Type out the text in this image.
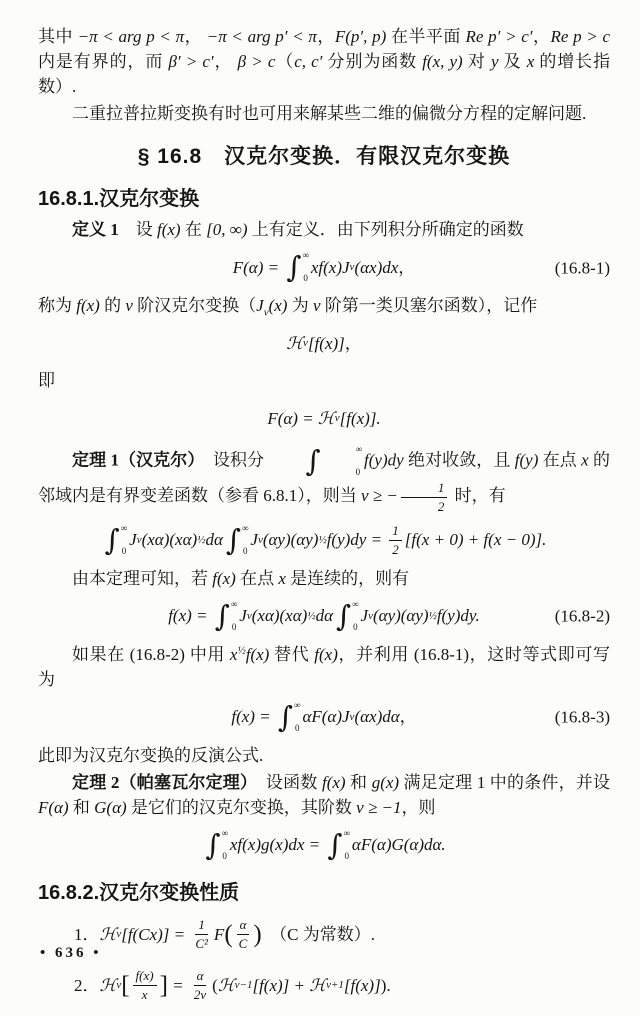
其中 −π < arg p < π， −π < arg p′ < π，F(p′, p) 在半平面 Re p′ > c′，Re p > c 内是有界的，而 β′ > c′， β > c（c, c′ 分别为函数 f(x, y) 对 y 及 x 的增长指数）.
二重拉普拉斯变换有时也可用来解某些二维的偏微分方程的定解问题.
§ 16.8　汉克尔变换．有限汉克尔变换
16.8.1.汉克尔变换
定义 1　设 f(x) 在 [0, ∞) 上有定义．由下列积分所确定的函数
F(α) = ∫ ∞
0
xf(x)J ν (αx)dx ，	(16.8-1)
称为 f(x) 的 ν 阶汉克尔变换（$J_\nu(x)$ 为 ν 阶第一类贝塞尔函数），记作
ℋ ν [f(x)] ，
即
F(α) = ℋ ν [f(x)].
定理 1（汉克尔）　设积分	∫	∞
0
f(y)dy 绝对收敛，且 f(y) 在点 x 的邻域内是有界变差函数（参看 6.8.1），则当 ν ≥ − $\frac{1}{2}$ 时，有
∫ ∞
0
J ν (xα)(xα) ½ dα ∫ ∞
0
J ν (αy)(αy) ½ $f(y)dy = \frac{1}{2} [f(x + 0) + f(x - 0)]$.
由本定理可知，若 f(x) 在点 x 是连续的，则有
f(x) = ∫ ∞
0
J ν (xα)(xα) ½ dα ∫ ∞
0
J ν (αy)(αy) ½ f(y)dy.	(16.8-2)
如果在 (16.8-2) 中用 $x^{\frac{1}{2}}f(x)$ 替代 f(x)，并利用 (16.8-1)，这时等式即可写为
f(x) = ∫ ∞
0
αF(α)J ν (αx)dα ，	(16.8-3)
此即为汉克尔变换的反演公式.
定理 2（帕塞瓦尔定理）　设函数 f(x) 和 g(x) 满足定理 1 中的条件，并设 F(α) 和 G(α) 是它们的汉克尔变换，其阶数 ν ≥ −1，则
∫ ∞
0
xf(x)g(x)dx = ∫ ∞
0
αF(α)G(α)dα.
16.8.2.汉克尔变换性质
1． ℋ ν $[f(Cx)] = \frac{1}{\text{C²}}$ F ( $\frac{\alpha}{C}$ ) 　（C 为常数）.
2． ℋ ν [ $\frac{f(x)}{x}$ ] = $\frac{\alpha}{2\nu}$ ( ℋ ν−1 [f(x)] + ℋ ν+1 [f(x)] ).
• 636 •
